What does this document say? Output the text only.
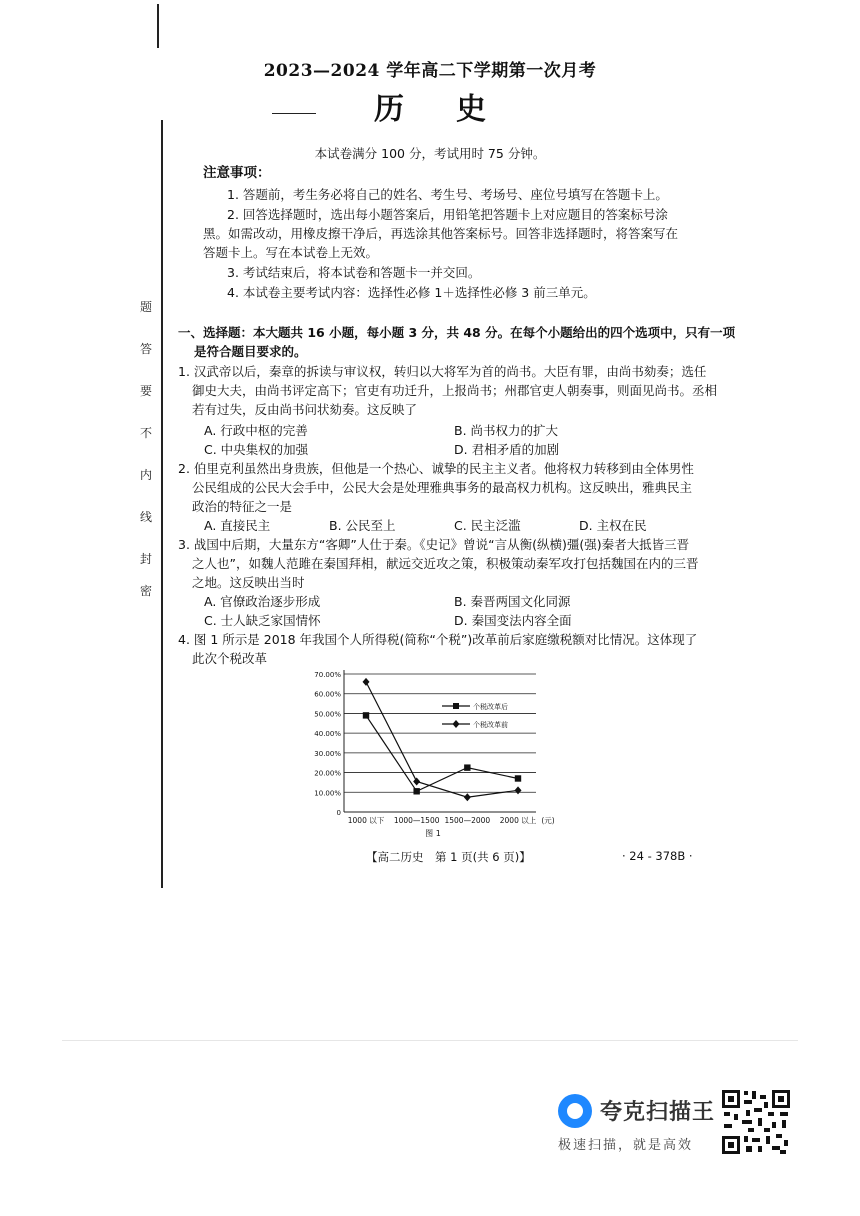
题
答
要
不
内
线
封
密
2023—2024 学年高二下学期第一次月考
历史
本试卷满分 100 分，考试用时 75 分钟。
注意事项：
1. 答题前，考生务必将自己的姓名、考生号、考场号、座位号填写在答题卡上。
2. 回答选择题时，选出每小题答案后，用铅笔把答题卡上对应题目的答案标号涂
黑。如需改动，用橡皮擦干净后，再选涂其他答案标号。回答非选择题时，将答案写在
答题卡上。写在本试卷上无效。
3. 考试结束后，将本试卷和答题卡一并交回。
4. 本试卷主要考试内容：选择性必修 1＋选择性必修 3 前三单元。
一、选择题：本大题共 16 小题，每小题 3 分，共 48 分。在每个小题给出的四个选项中，只有一项
是符合题目要求的。
1. 汉武帝以后，秦章的拆读与审议权，转归以大将军为首的尚书。大臣有罪，由尚书劾奏；选任
御史大夫，由尚书评定高下；官吏有功迁升，上报尚书；州郡官吏人朝奏事，则面见尚书。丞相
若有过失，反由尚书问状劾奏。这反映了
A. 行政中枢的完善	B. 尚书权力的扩大
C. 中央集权的加强	D. 君相矛盾的加剧
2. 伯里克利虽然出身贵族，但他是一个热心、诚挚的民主主义者。他将权力转移到由全体男性
公民组成的公民大会手中，公民大会是处理雅典事务的最高权力机构。这反映出，雅典民主
政治的特征之一是
A. 直接民主	B. 公民至上	C. 民主泛滥	D. 主权在民
3. 战国中后期，大量东方“客卿”人仕于秦。《史记》曾说“言从衡(纵横)彊(强)秦者大抵皆三晋
之人也”，如魏人范雎在秦国拜相，献远交近攻之策，积极策动秦军攻打包括魏国在内的三晋
之地。这反映出当时
A. 官僚政治逐步形成	B. 秦晋两国文化同源
C. 士人缺乏家国情怀	D. 秦国变法内容全面
4. 图 1 所示是 2018 年我国个人所得税(简称“个税”)改革前后家庭缴税额对比情况。这体现了
此次个税改革
0
10.00%
20.00%
30.00%
40.00%
50.00%
60.00%
70.00%
1000 以下 1000—1500 1500—2000 2000 以上 (元)
图 1
个税改革后
个税改革前
【高二历史　第 1 页(共 6 页)】	· 24 - 378B ·
夸克扫描王
极速扫描，就是高效
